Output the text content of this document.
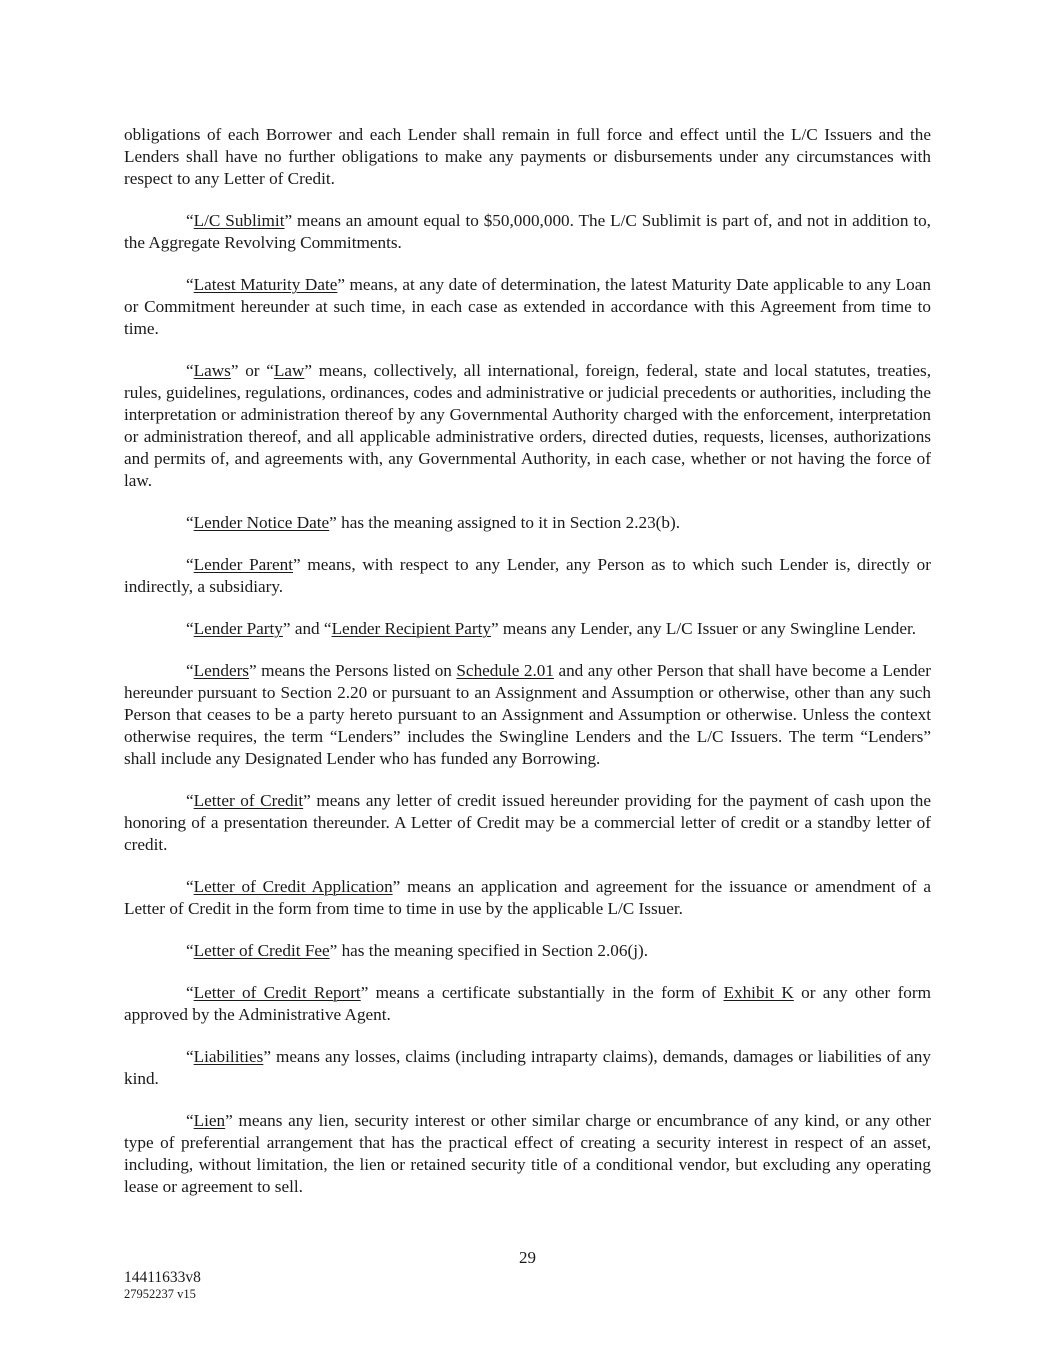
obligations of each Borrower and each Lender shall remain in full force and effect until the L/C Issuers and the Lenders shall have no further obligations to make any payments or disbursements under any circumstances with respect to any Letter of Credit.

“L/C Sublimit” means an amount equal to $50,000,000. The L/C Sublimit is part of, and not in addition to, the Aggregate Revolving Commitments.

“Latest Maturity Date” means, at any date of determination, the latest Maturity Date applicable to any Loan or Commitment hereunder at such time, in each case as extended in accordance with this Agreement from time to time.

“Laws” or “Law” means, collectively, all international, foreign, federal, state and local statutes, treaties, rules, guidelines, regulations, ordinances, codes and administrative or judicial precedents or authorities, including the interpretation or administration thereof by any Governmental Authority charged with the enforcement, interpretation or administration thereof, and all applicable administrative orders, directed duties, requests, licenses, authorizations and permits of, and agreements with, any Governmental Authority, in each case, whether or not having the force of law.

“Lender Notice Date” has the meaning assigned to it in Section 2.23(b).

“Lender Parent” means, with respect to any Lender, any Person as to which such Lender is, directly or indirectly, a subsidiary.

“Lender Party” and “Lender Recipient Party” means any Lender, any L/C Issuer or any Swingline Lender.

“Lenders” means the Persons listed on Schedule 2.01 and any other Person that shall have become a Lender hereunder pursuant to Section 2.20 or pursuant to an Assignment and Assumption or otherwise, other than any such Person that ceases to be a party hereto pursuant to an Assignment and Assumption or otherwise. Unless the context otherwise requires, the term “Lenders” includes the Swingline Lenders and the L/C Issuers. The term “Lenders” shall include any Designated Lender who has funded any Borrowing.

“Letter of Credit” means any letter of credit issued hereunder providing for the payment of cash upon the honoring of a presentation thereunder. A Letter of Credit may be a commercial letter of credit or a standby letter of credit.

“Letter of Credit Application” means an application and agreement for the issuance or amendment of a Letter of Credit in the form from time to time in use by the applicable L/C Issuer.

“Letter of Credit Fee” has the meaning specified in Section 2.06(j).

“Letter of Credit Report” means a certificate substantially in the form of Exhibit K or any other form approved by the Administrative Agent.

“Liabilities” means any losses, claims (including intraparty claims), demands, damages or liabilities of any kind.

“Lien” means any lien, security interest or other similar charge or encumbrance of any kind, or any other type of preferential arrangement that has the practical effect of creating a security interest in respect of an asset, including, without limitation, the lien or retained security title of a conditional vendor, but excluding any operating lease or agreement to sell.

29
14411633v8
27952237 v15
